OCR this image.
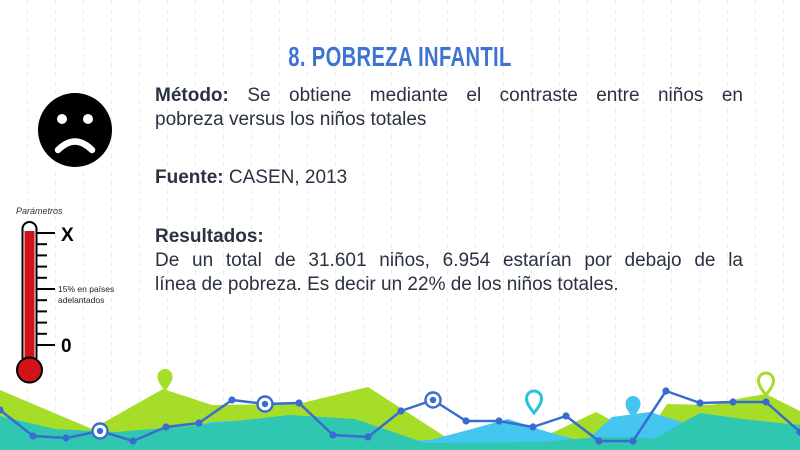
8. POBREZA INFANTIL
Parámetros
X
15% en países
adelantados
0

Método: Se obtiene mediante el contraste entre niños en
pobreza versus los niños totales

Fuente: CASEN, 2013

Resultados:
De un total de 31.601 niños, 6.954 estarían por debajo de la
línea de pobreza. Es decir un 22% de los niños totales.
